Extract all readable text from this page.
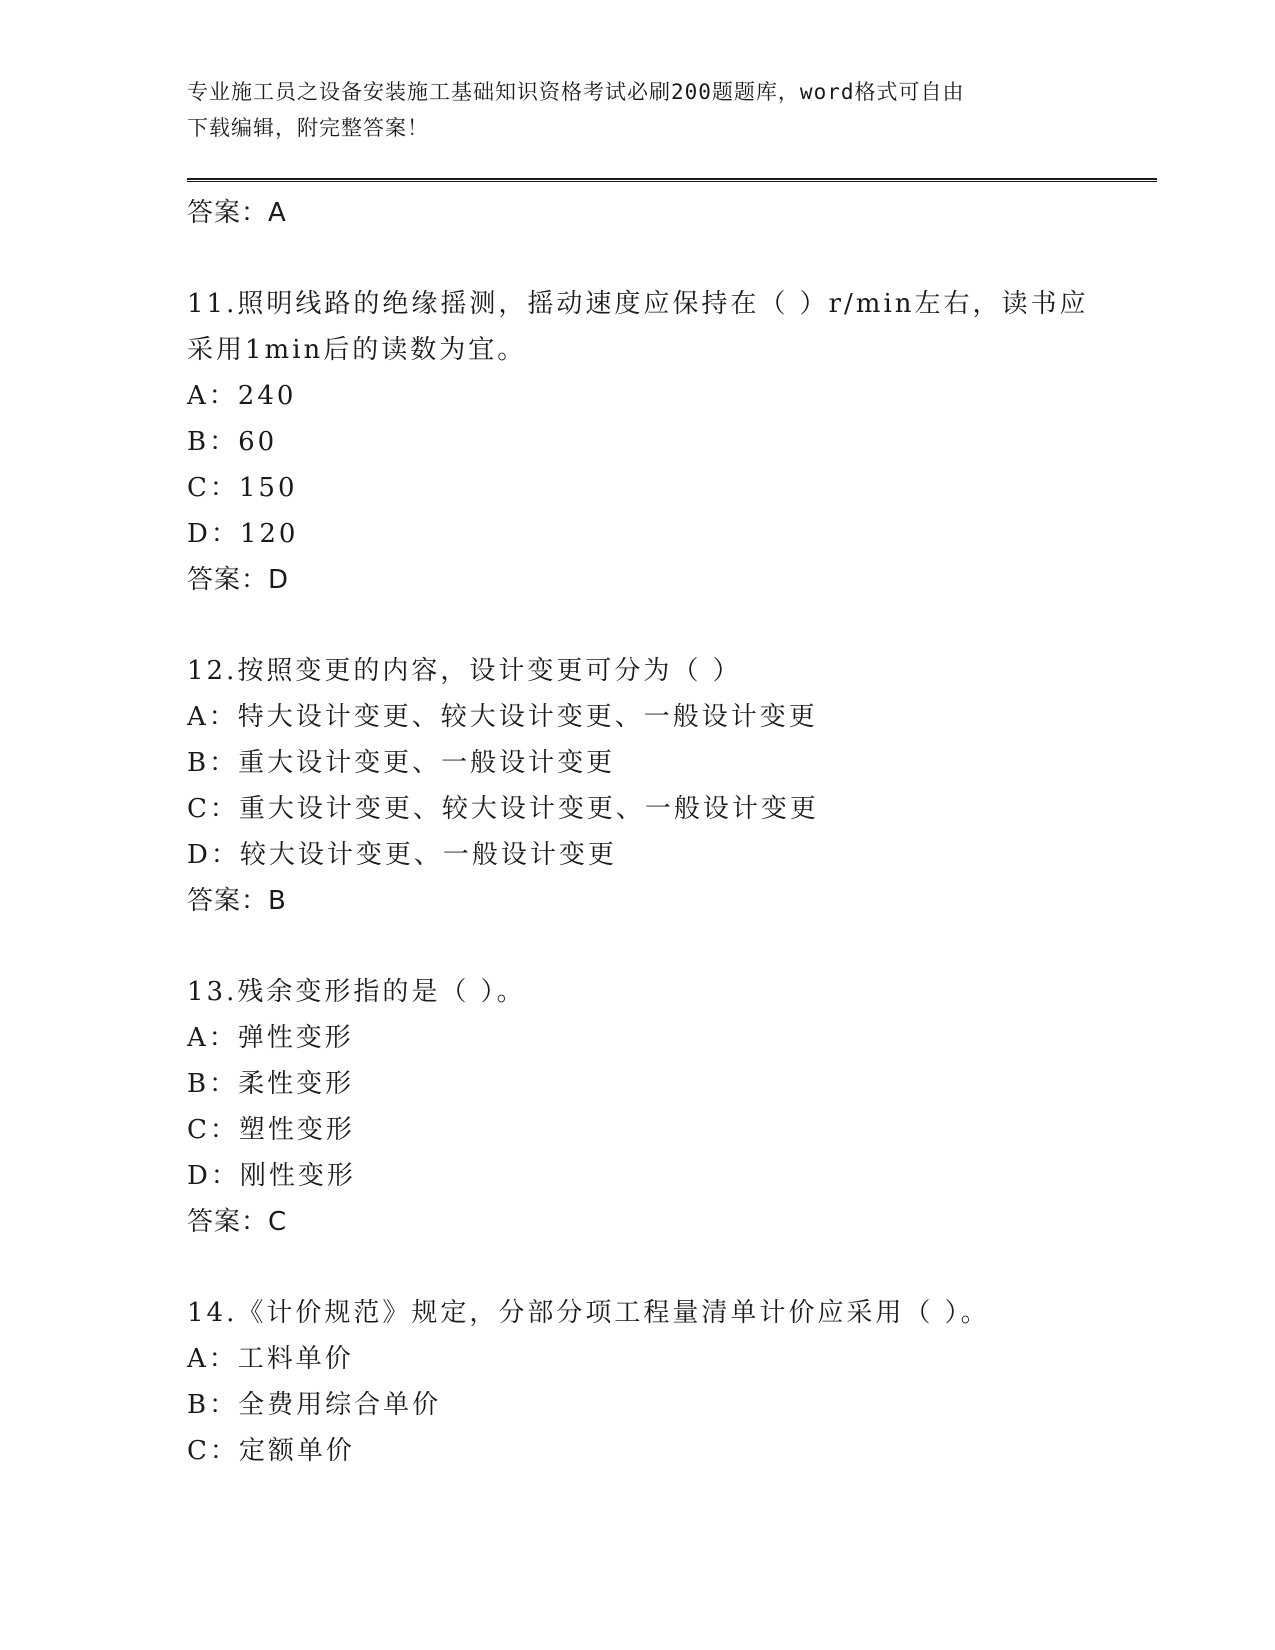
专业施工员之设备安装施工基础知识资格考试必刷200题题库，word格式可自由
下载编辑，附完整答案！
答案：A
11.照明线路的绝缘摇测，摇动速度应保持在（ ）r/min左右，读书应
采用1min后的读数为宜。
A：240
B：60
C：150
D：120
答案：D
12.按照变更的内容，设计变更可分为（ ）
A：特大设计变更、较大设计变更、一般设计变更
B：重大设计变更、一般设计变更
C：重大设计变更、较大设计变更、一般设计变更
D：较大设计变更、一般设计变更
答案：B
13.残余变形指的是（ ）。
A：弹性变形
B：柔性变形
C：塑性变形
D：刚性变形
答案：C
14.《计价规范》规定，分部分项工程量清单计价应采用（ ）。
A：工料单价
B：全费用综合单价
C：定额单价
